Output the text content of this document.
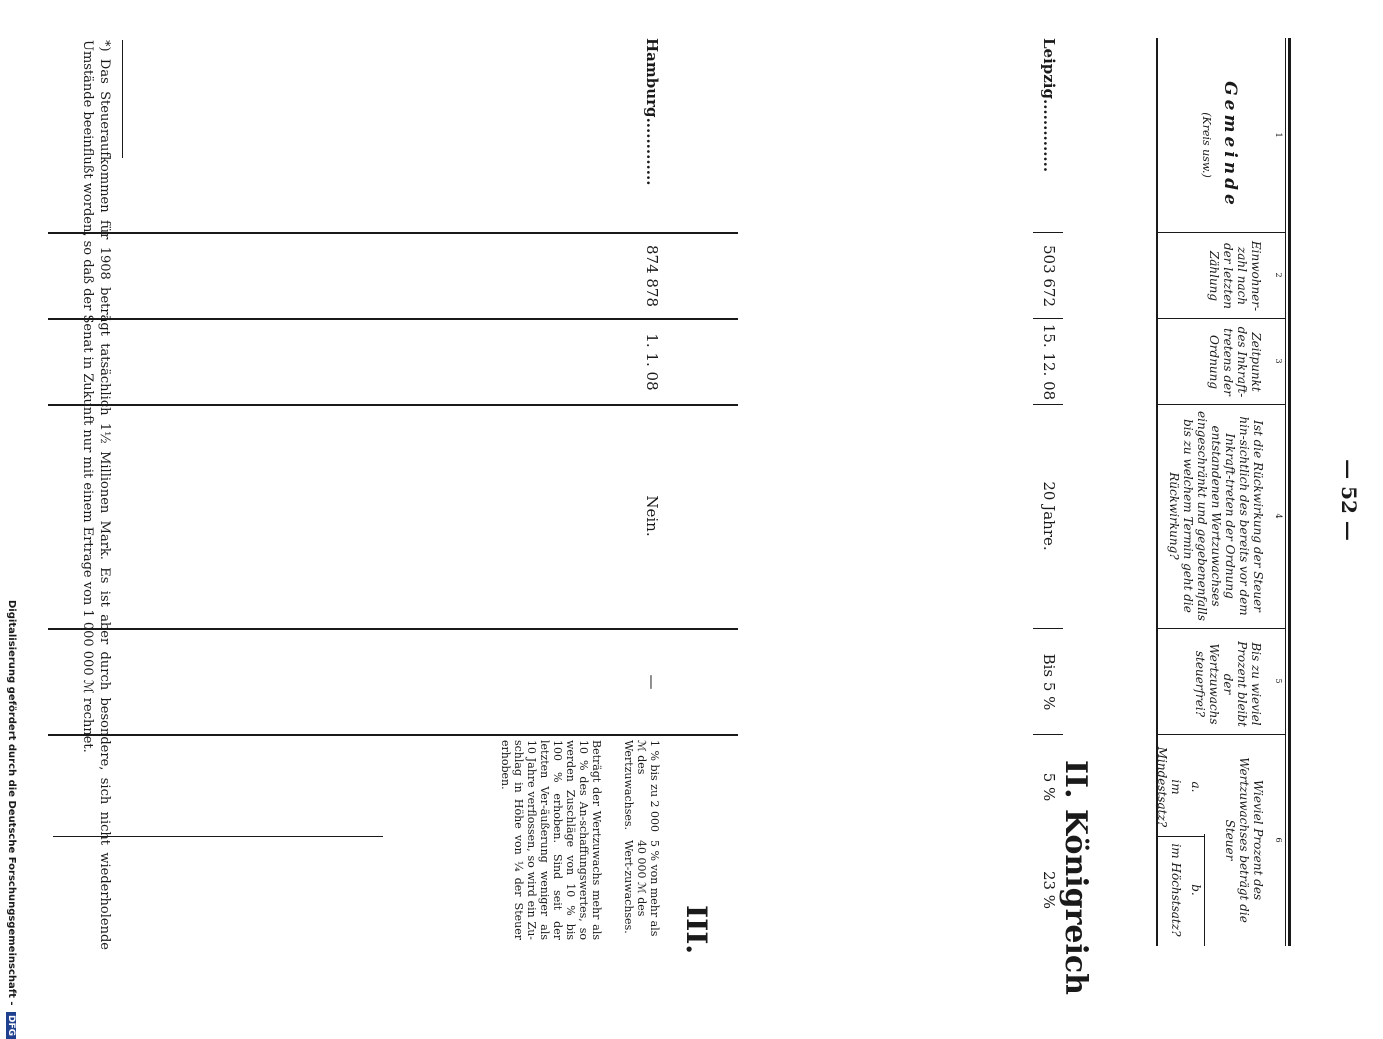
— 52 —
1
2
3
4
5
6
Gemeinde
(Kreis usw.)
Einwohner-zahl nach der letzten Zählung
Zeitpunkt des Inkraft-tretens der Ordnung
Ist die Rückwirkung der Steuer hin-sichtlich des bereits vor dem Inkraft-treten der Ordnung entstandenen Wertzuwachses eingeschränkt und gegebenenfalls bis zu welchem Termin geht die Rückwirkung?
Bis zu wieviel Prozent bleibt der Wertzuwachs steuerfrei?
Wieviel Prozent des Wertzuwachses beträgt die Steuer
a.
im Mindestsatz?
b.
im Höchstsatz?
II. Königreich
Leipzig..............
503 672
15. 12. 08
20 Jahre.
Bis 5 %
5 %
23 %
III.
Hamburg.............
874 878
1. 1. 08
Nein.
—
1 % bis zu 2 000 ℳ des Wertzuwachses.
5 % von mehr als 40 000 ℳ des Wert-zuwachses.
Beträgt der Wertzuwachs mehr als 10 % des An-schaffungswertes, so werden Zuschläge von 10 % bis 100 % erhoben. Sind seit der letzten Ver-äußerung weniger als 10 Jahre verflossen, so wird ein Zu-schlag in Höhe von ¼ der Steuer erhoben.
*) Das Steueraufkommen für 1908 beträgt tatsächlich 1½ Millionen Mark. Es ist aber durch besondere, sich nicht wiederholende Umstände beeinflußt worden, so daß der Senat in Zukunft nur mit einem Ertrage von 1 000 000 ℳ rechnet.
Digitalisierung gefördert durch die Deutsche Forschungsgemeinschaft - DFG
